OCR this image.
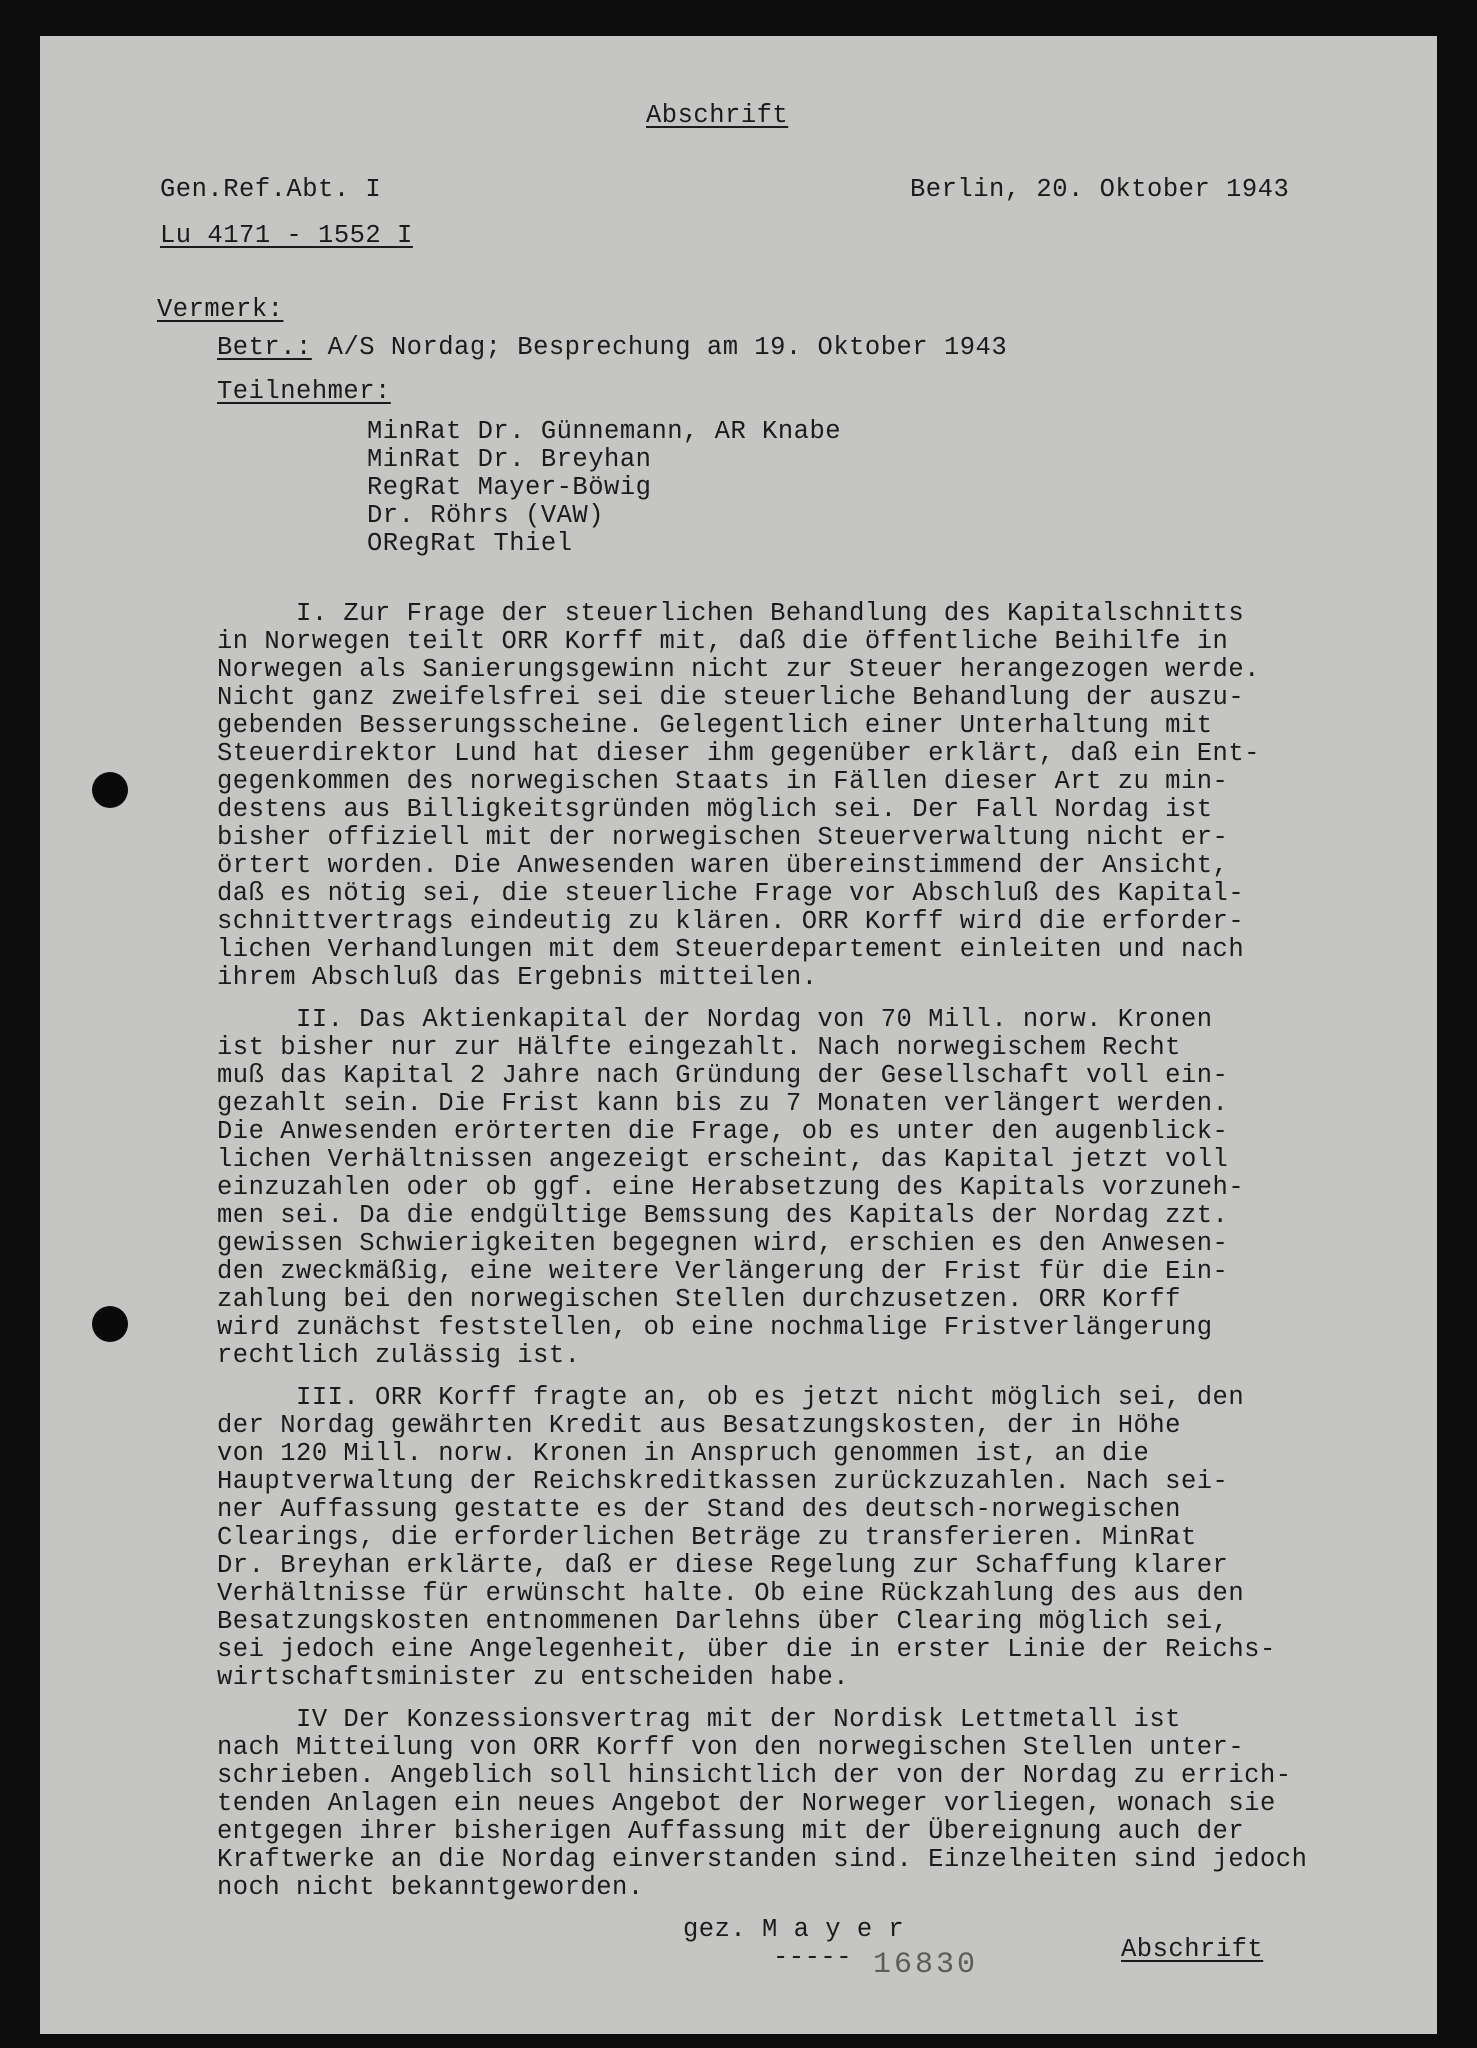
Abschrift
Gen.Ref.Abt. I
Lu 4171 - 1552 I
Berlin, 20. Oktober 1943
Vermerk:
Betr.: A/S Nordag; Besprechung am 19. Oktober 1943
Teilnehmer:
MinRat Dr. Günnemann, AR Knabe
MinRat Dr. Breyhan
RegRat Mayer-Böwig
Dr. Röhrs (VAW)
ORegRat Thiel
I. Zur Frage der steuerlichen Behandlung des Kapitalschnitts
in Norwegen teilt ORR Korff mit, daß die öffentliche Beihilfe in
Norwegen als Sanierungsgewinn nicht zur Steuer herangezogen werde.
Nicht ganz zweifelsfrei sei die steuerliche Behandlung der auszu-
gebenden Besserungsscheine. Gelegentlich einer Unterhaltung mit
Steuerdirektor Lund hat dieser ihm gegenüber erklärt, daß ein Ent-
gegenkommen des norwegischen Staats in Fällen dieser Art zu min-
destens aus Billigkeitsgründen möglich sei. Der Fall Nordag ist
bisher offiziell mit der norwegischen Steuerverwaltung nicht er-
örtert worden. Die Anwesenden waren übereinstimmend der Ansicht,
daß es nötig sei, die steuerliche Frage vor Abschluß des Kapital-
schnittvertrags eindeutig zu klären. ORR Korff wird die erforder-
lichen Verhandlungen mit dem Steuerdepartement einleiten und nach
ihrem Abschluß das Ergebnis mitteilen.
II. Das Aktienkapital der Nordag von 70 Mill. norw. Kronen
ist bisher nur zur Hälfte eingezahlt. Nach norwegischem Recht
muß das Kapital 2 Jahre nach Gründung der Gesellschaft voll ein-
gezahlt sein. Die Frist kann bis zu 7 Monaten verlängert werden.
Die Anwesenden erörterten die Frage, ob es unter den augenblick-
lichen Verhältnissen angezeigt erscheint, das Kapital jetzt voll
einzuzahlen oder ob ggf. eine Herabsetzung des Kapitals vorzuneh-
men sei. Da die endgültige Bemssung des Kapitals der Nordag zzt.
gewissen Schwierigkeiten begegnen wird, erschien es den Anwesen-
den zweckmäßig, eine weitere Verlängerung der Frist für die Ein-
zahlung bei den norwegischen Stellen durchzusetzen. ORR Korff
wird zunächst feststellen, ob eine nochmalige Fristverlängerung
rechtlich zulässig ist.
III. ORR Korff fragte an, ob es jetzt nicht möglich sei, den
der Nordag gewährten Kredit aus Besatzungskosten, der in Höhe
von 120 Mill. norw. Kronen in Anspruch genommen ist, an die
Hauptverwaltung der Reichskreditkassen zurückzuzahlen. Nach sei-
ner Auffassung gestatte es der Stand des deutsch-norwegischen
Clearings, die erforderlichen Beträge zu transferieren. MinRat
Dr. Breyhan erklärte, daß er diese Regelung zur Schaffung klarer
Verhältnisse für erwünscht halte. Ob eine Rückzahlung des aus den
Besatzungskosten entnommenen Darlehns über Clearing möglich sei,
sei jedoch eine Angelegenheit, über die in erster Linie der Reichs-
wirtschaftsminister zu entscheiden habe.
IV Der Konzessionsvertrag mit der Nordisk Lettmetall ist
nach Mitteilung von ORR Korff von den norwegischen Stellen unter-
schrieben. Angeblich soll hinsichtlich der von der Nordag zu errich-
tenden Anlagen ein neues Angebot der Norweger vorliegen, wonach sie
entgegen ihrer bisherigen Auffassung mit der Übereignung auch der
Kraftwerke an die Nordag einverstanden sind. Einzelheiten sind jedoch
noch nicht bekanntgeworden.
gez. M a y e r
----- 16830	Abschrift
